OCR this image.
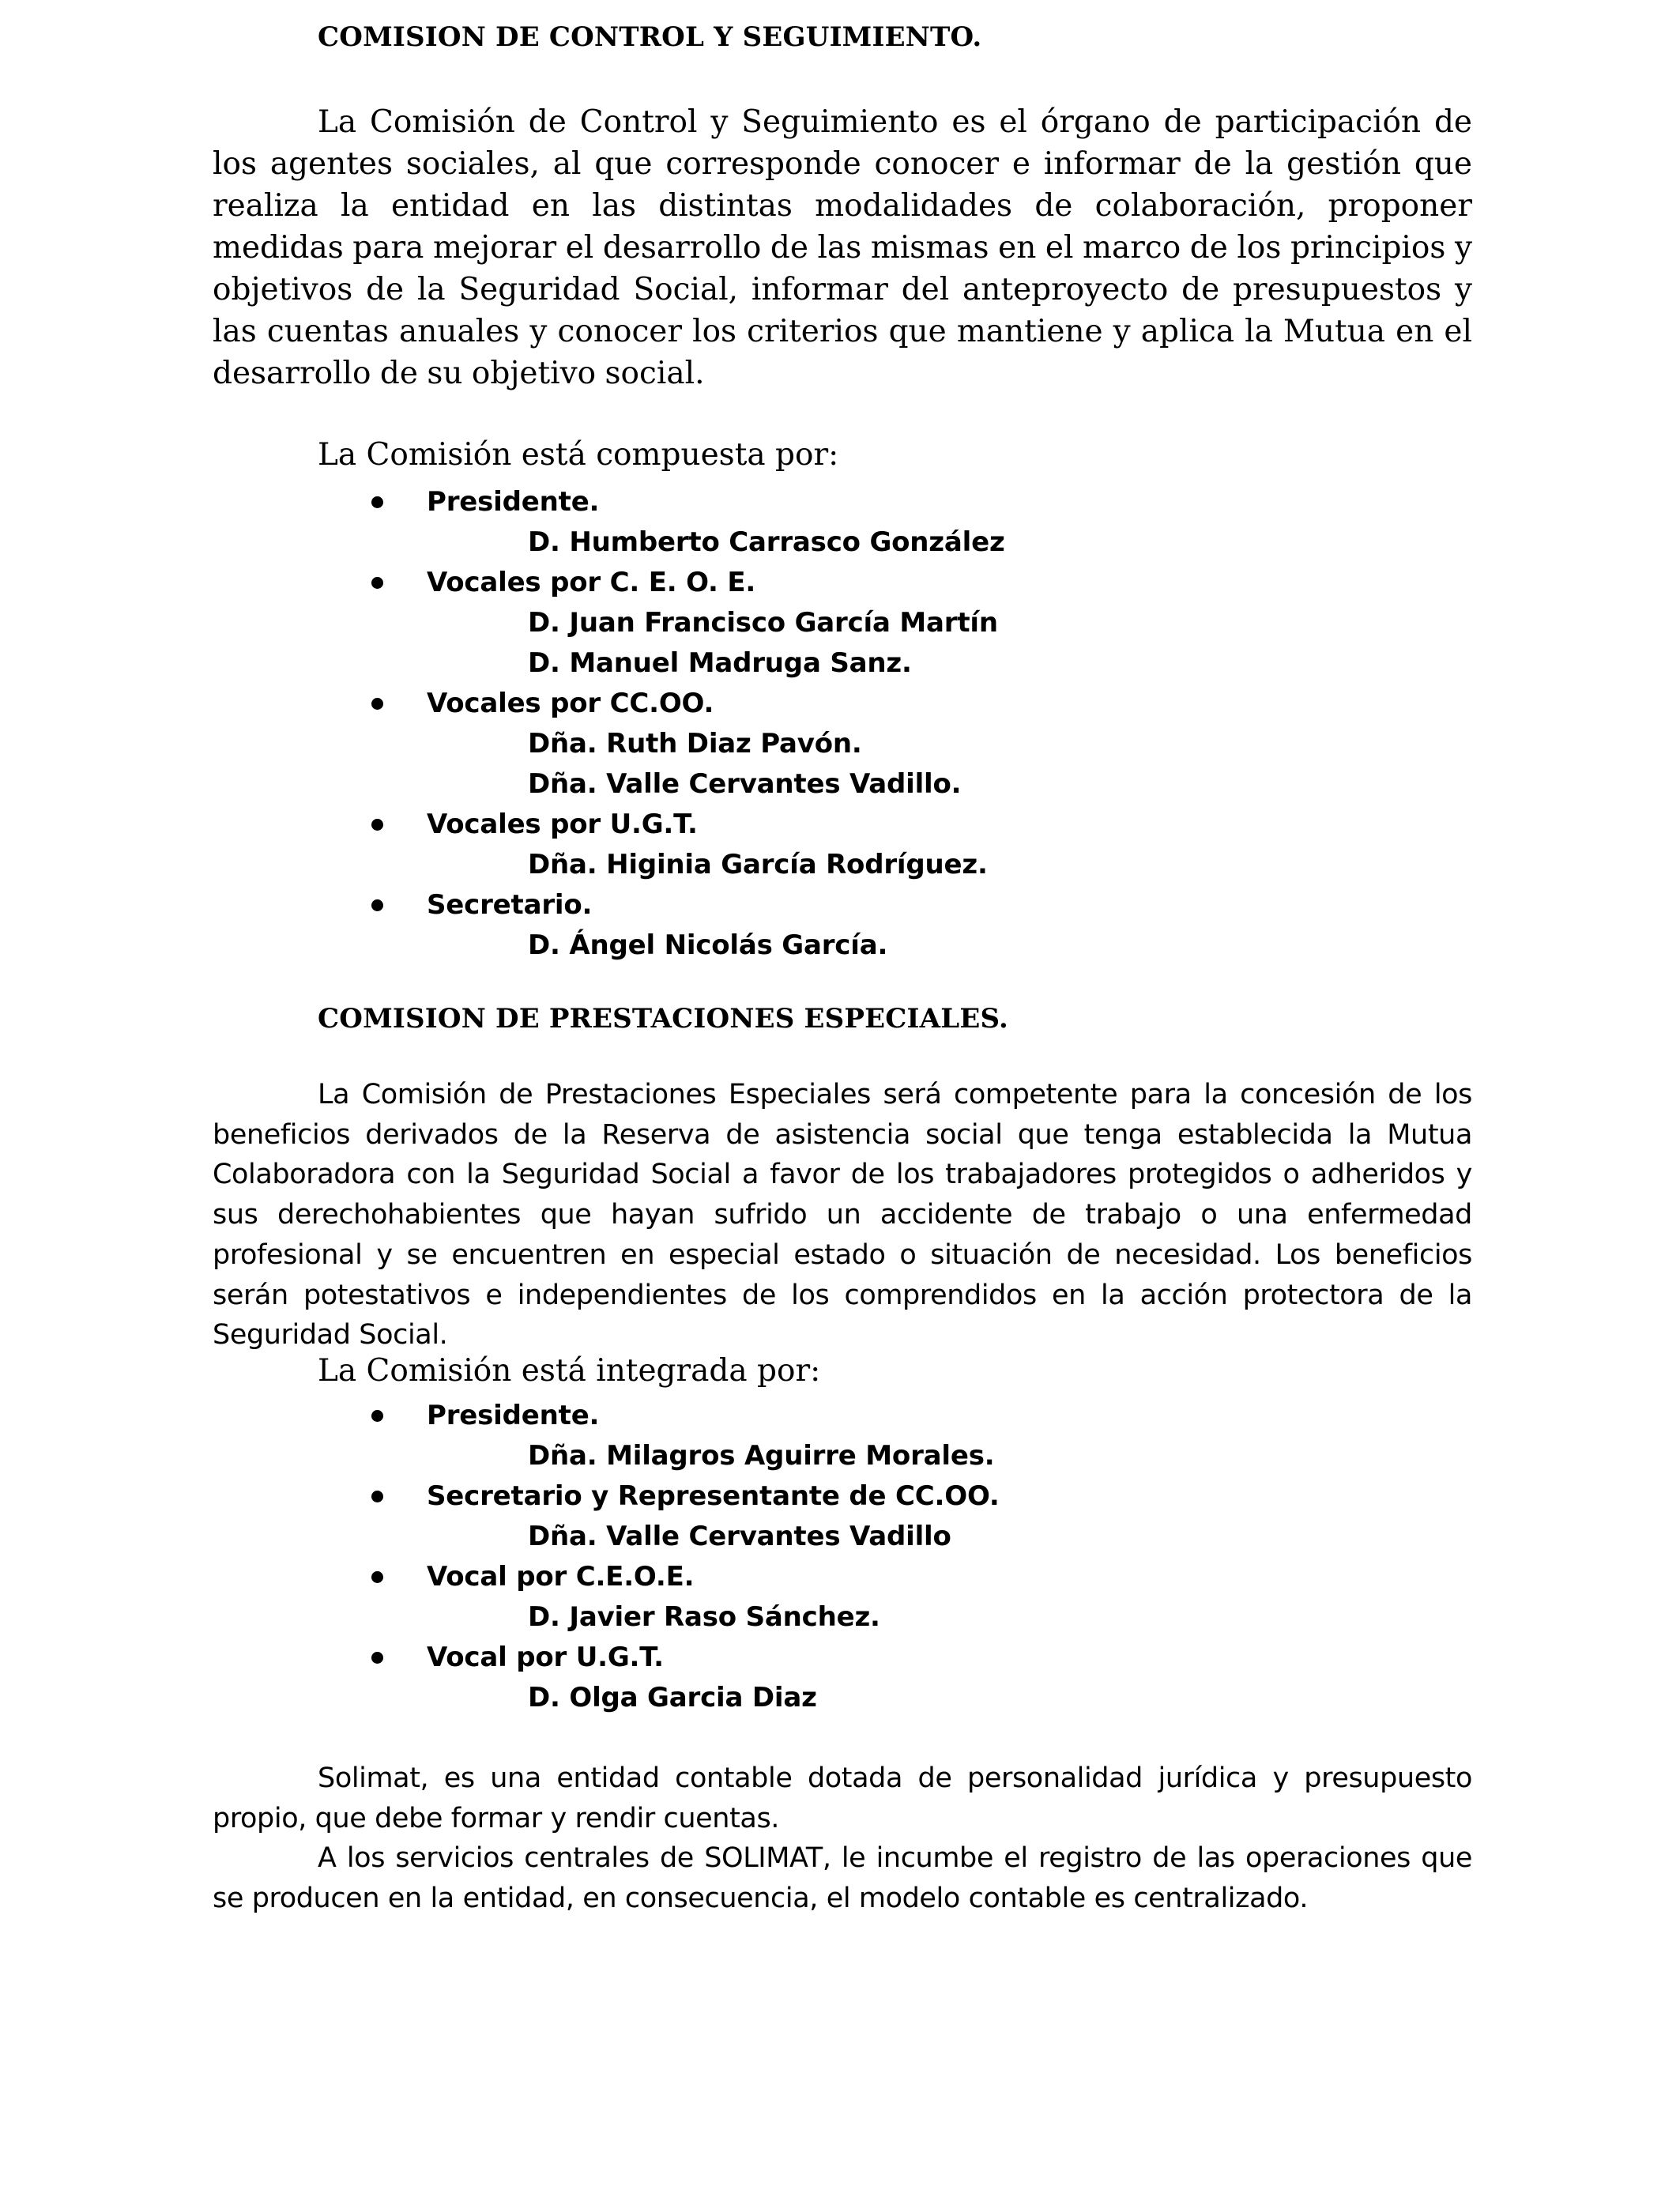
COMISION DE CONTROL Y SEGUIMIENTO.

La Comisión de Control y Seguimiento es el órgano de participación de los agentes sociales, al que corresponde conocer e informar de la gestión que realiza la entidad en las distintas modalidades de colaboración, proponer medidas para mejorar el desarrollo de las mismas en el marco de los principios y objetivos de la Seguridad Social, informar del anteproyecto de presupuestos y las cuentas anuales y conocer los criterios que mantiene y aplica la Mutua en el desarrollo de su objetivo social.

La Comisión está compuesta por:

Presidente.
D. Humberto Carrasco González
Vocales por C. E. O. E.
D. Juan Francisco García Martín
D. Manuel Madruga Sanz.
Vocales por CC.OO.
Dña. Ruth Diaz Pavón.
Dña. Valle Cervantes Vadillo.
Vocales por U.G.T.
Dña. Higinia García Rodríguez.
Secretario.
D. Ángel Nicolás García.
COMISION DE PRESTACIONES ESPECIALES.

La Comisión de Prestaciones Especiales será competente para la concesión de los beneficios derivados de la Reserva de asistencia social que tenga establecida la Mutua Colaboradora con la Seguridad Social a favor de los trabajadores protegidos o adheridos y sus derechohabientes que hayan sufrido un accidente de trabajo o una enfermedad profesional y se encuentren en especial estado o situación de necesidad. Los beneficios serán potestativos e independientes de los comprendidos en la acción protectora de la Seguridad Social.

La Comisión está integrada por:

Presidente.
Dña. Milagros Aguirre Morales.
Secretario y Representante de CC.OO.
Dña. Valle Cervantes Vadillo
Vocal por C.E.O.E.
D. Javier Raso Sánchez.
Vocal por U.G.T.
D. Olga Garcia Diaz

Solimat, es una entidad contable dotada de personalidad jurídica y presupuesto propio, que debe formar y rendir cuentas.

A los servicios centrales de SOLIMAT, le incumbe el registro de las operaciones que se producen en la entidad, en consecuencia, el modelo contable es centralizado.
